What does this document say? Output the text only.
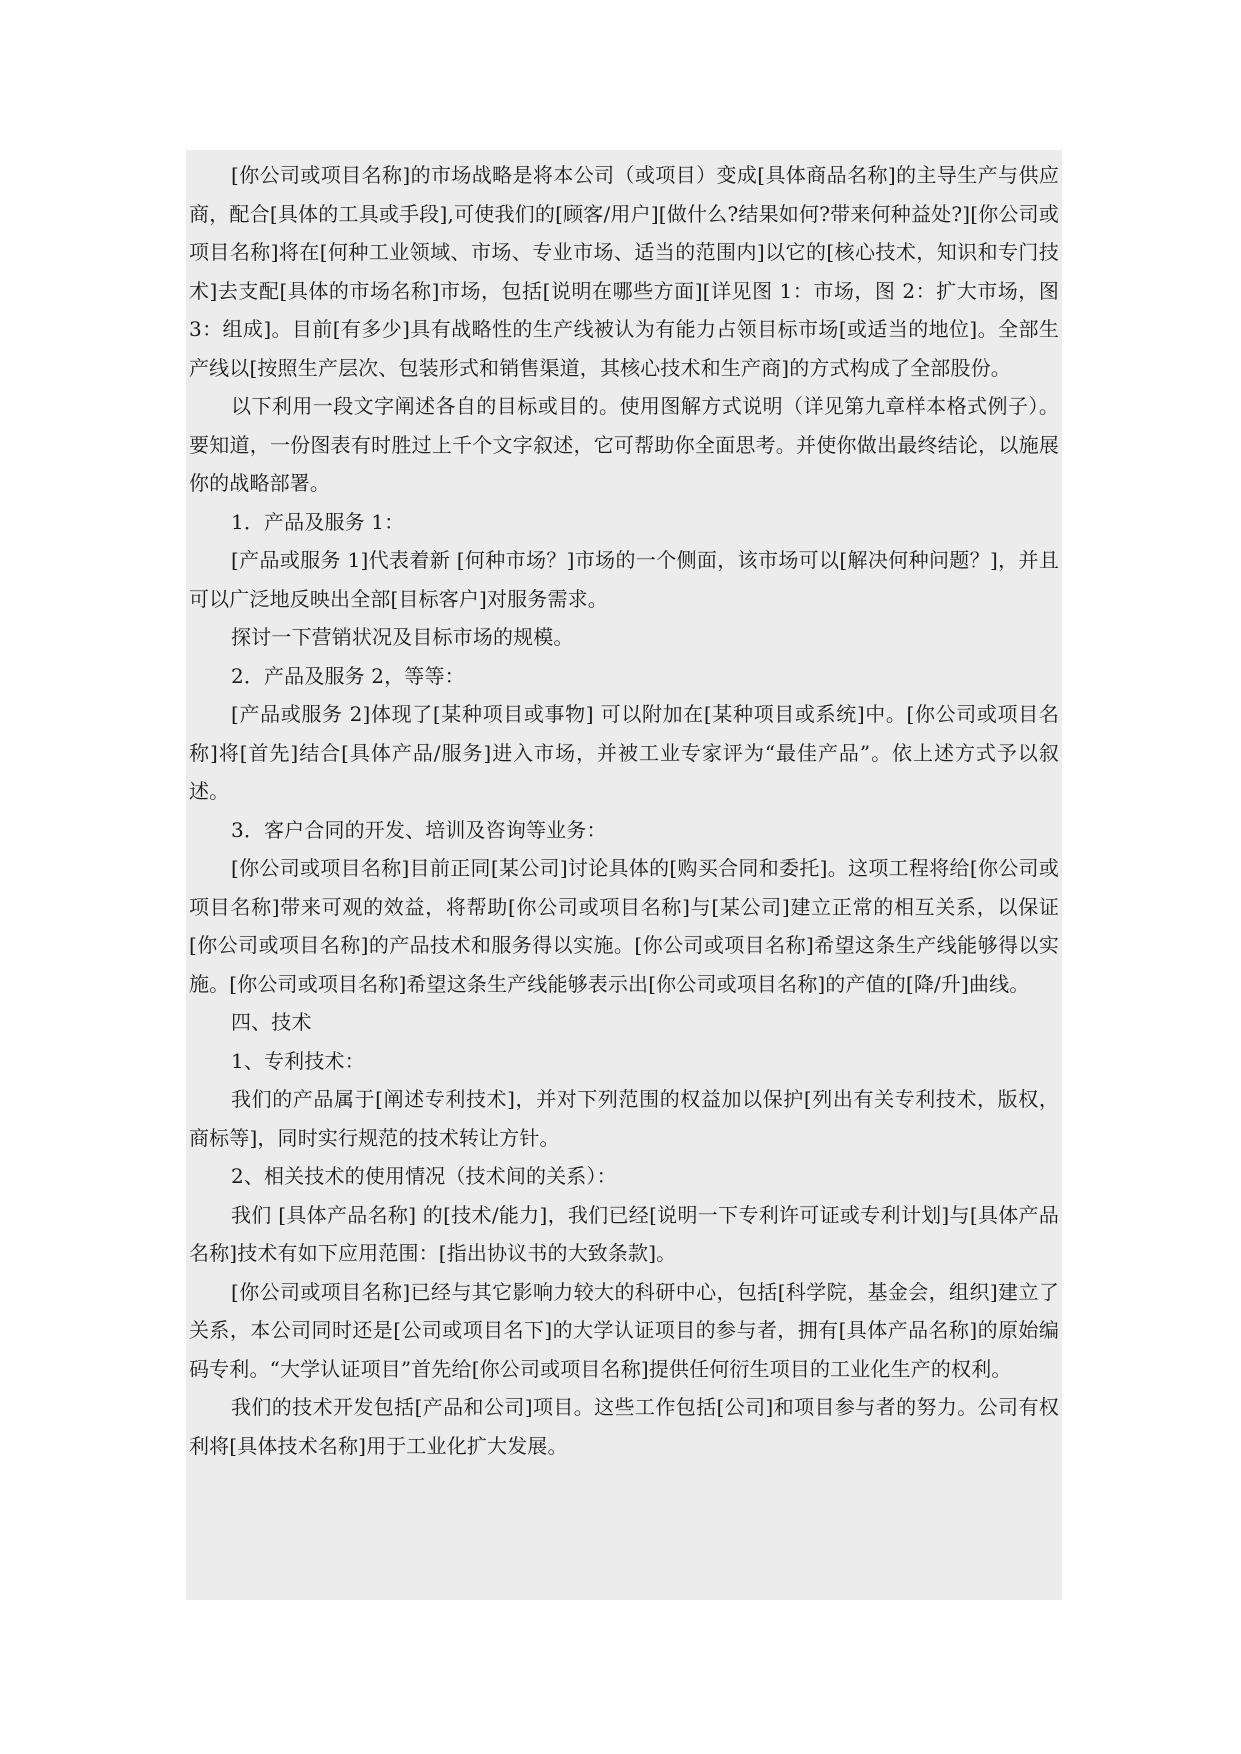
[你公司或项目名称]的市场战略是将本公司（或项目）变成[具体商品名称]的主导生产与供应商，配合[具体的工具或手段],可使我们的[顾客/用户][做什么?结果如何?带来何种益处?][你公司或项目名称]将在[何种工业领域、市场、专业市场、适当的范围内]以它的[核心技术，知识和专门技术]去支配[具体的市场名称]市场，包括[说明在哪些方面][详见图 1：市场，图 2：扩大市场，图 3：组成]。目前[有多少]具有战略性的生产线被认为有能力占领目标市场[或适当的地位]。全部生产线以[按照生产层次、包装形式和销售渠道，其核心技术和生产商]的方式构成了全部股份。

以下利用一段文字阐述各自的目标或目的。使用图解方式说明（详见第九章样本格式例子）。要知道，一份图表有时胜过上千个文字叙述，它可帮助你全面思考。并使你做出最终结论，以施展你的战略部署。

1．产品及服务 1：

[产品或服务 1]代表着新 [何种市场？]市场的一个侧面，该市场可以[解决何种问题？]，并且可以广泛地反映出全部[目标客户]对服务需求。

探讨一下营销状况及目标市场的规模。

2．产品及服务 2，等等：

[产品或服务 2]体现了[某种项目或事物] 可以附加在[某种项目或系统]中。[你公司或项目名称]将[首先]结合[具体产品/服务]进入市场，并被工业专家评为“最佳产品”。依上述方式予以叙述。

3．客户合同的开发、培训及咨询等业务：

[你公司或项目名称]目前正同[某公司]讨论具体的[购买合同和委托]。这项工程将给[你公司或项目名称]带来可观的效益，将帮助[你公司或项目名称]与[某公司]建立正常的相互关系，以保证[你公司或项目名称]的产品技术和服务得以实施。[你公司或项目名称]希望这条生产线能够得以实施。[你公司或项目名称]希望这条生产线能够表示出[你公司或项目名称]的产值的[降/升]曲线。

四、技术

1、专利技术：

我们的产品属于[阐述专利技术]，并对下列范围的权益加以保护[列出有关专利技术，版权，商标等]，同时实行规范的技术转让方针。

2、相关技术的使用情况（技术间的关系）：

我们 [具体产品名称] 的[技术/能力]，我们已经[说明一下专利许可证或专利计划]与[具体产品名称]技术有如下应用范围：[指出协议书的大致条款]。

[你公司或项目名称]已经与其它影响力较大的科研中心，包括[科学院，基金会，组织]建立了关系，本公司同时还是[公司或项目名下]的大学认证项目的参与者，拥有[具体产品名称]的原始编码专利。“大学认证项目”首先给[你公司或项目名称]提供任何衍生项目的工业化生产的权利。

我们的技术开发包括[产品和公司]项目。这些工作包括[公司]和项目参与者的努力。公司有权利将[具体技术名称]用于工业化扩大发展。
